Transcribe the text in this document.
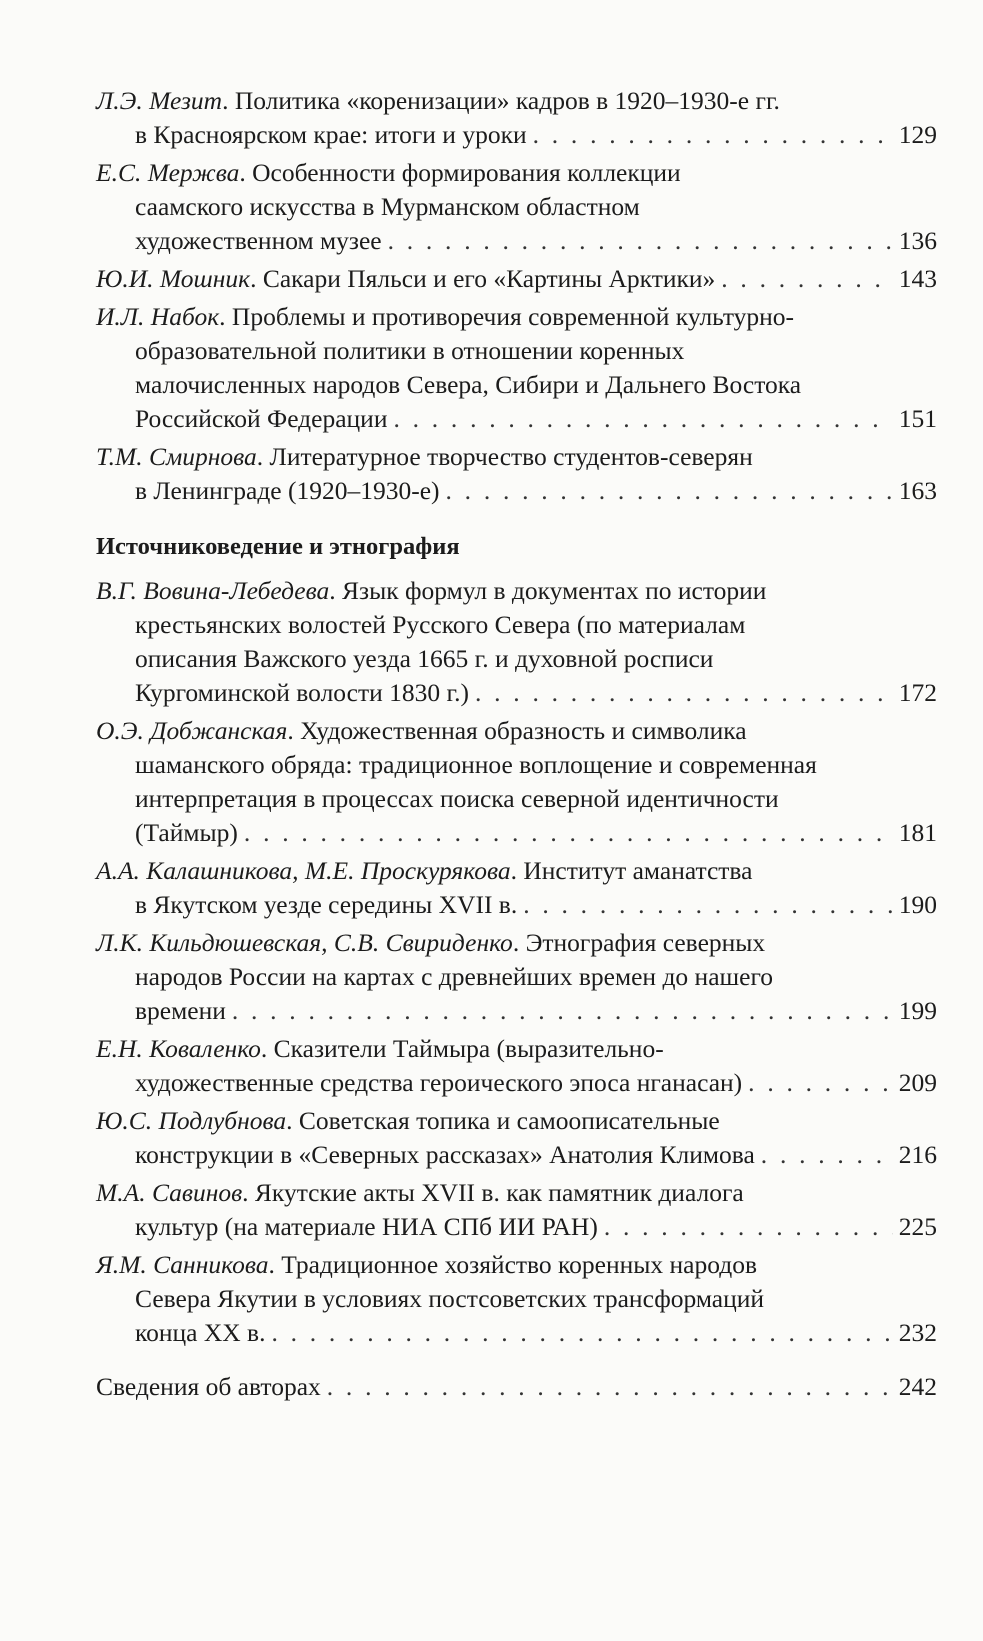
Л.Э. Мезит. Политика «коренизации» кадров в 1920–1930-е гг.
в Красноярском крае: итоги и уроки . . .	129
Е.С. Мержва. Особенности формирования коллекции
саамского искусства в Мурманском областном
художественном музее . . .	136
Ю.И. Мошник. Сакари Пяльси и его «Картины Арктики» . . .	143
И.Л. Набок. Проблемы и противоречия современной культурно-
образовательной политики в отношении коренных
малочисленных народов Севера, Сибири и Дальнего Востока
Российской Федерации . . .	151
Т.М. Смирнова. Литературное творчество студентов-северян
в Ленинграде (1920–1930-е) . . .	163
Источниковедение и этнография
В.Г. Вовина-Лебедева. Язык формул в документах по истории
крестьянских волостей Русского Севера (по материалам
описания Важского уезда 1665 г. и духовной росписи
Кургоминской волости 1830 г.) . . .	172
О.Э. Добжанская. Художественная образность и символика
шаманского обряда: традиционное воплощение и современная
интерпретация в процессах поиска северной идентичности
(Таймыр) . . .	181
А.А. Калашникова, М.Е. Проскурякова. Институт аманатства
в Якутском уезде середины XVII в. . . .	190
Л.К. Кильдюшевская, С.В. Свириденко. Этнография северных
народов России на картах с древнейших времен до нашего
времени . . .	199
Е.Н. Коваленко. Сказители Таймыра (выразительно-
художественные средства героического эпоса нганасан) . . .	209
Ю.С. Подлубнова. Советская топика и самоописательные
конструкции в «Северных рассказах» Анатолия Климова . . .	216
М.А. Савинов. Якутские акты XVII в. как памятник диалога
культур (на материале НИА СПб ИИ РАН) . . .	225
Я.М. Санникова. Традиционное хозяйство коренных народов
Севера Якутии в условиях постсоветских трансформаций
конца XX в. . . .	232
Сведения об авторах . . .	242
